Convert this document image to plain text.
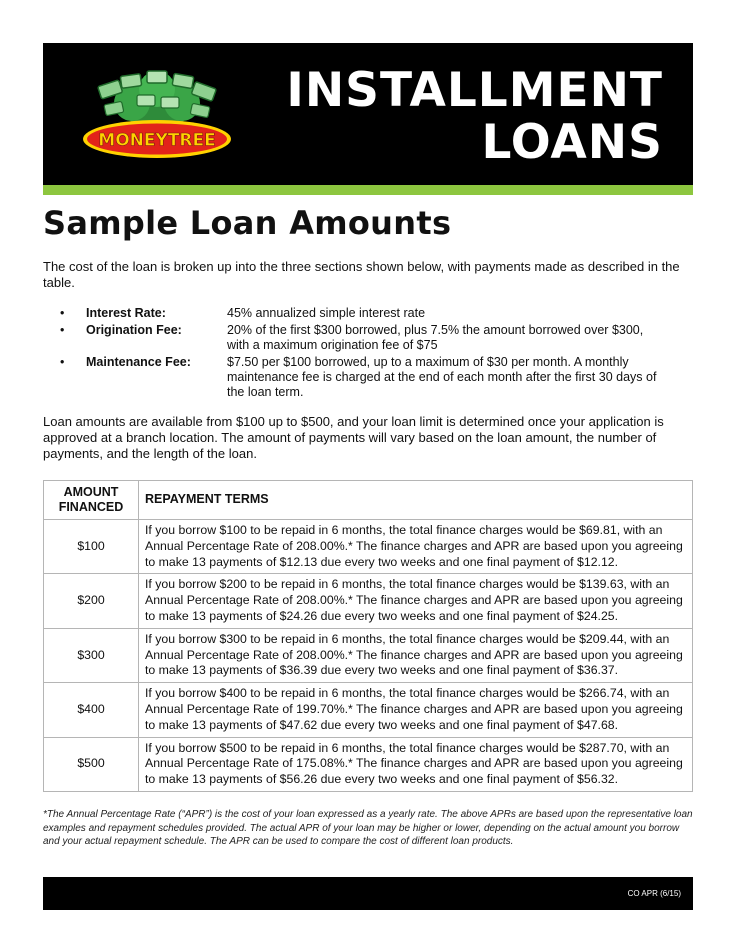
MONEYTREE
INSTALLMENT
LOANS
Sample Loan Amounts

The cost of the loan is broken up into the three sections shown below, with payments made as described in the table.

•	Interest Rate:	45% annualized simple interest rate
•	Origination Fee:	20% of the first $300 borrowed, plus 7.5% the amount borrowed over $300, with a maximum origination fee of $75
•	Maintenance Fee:	$7.50 per $100 borrowed, up to a maximum of $30 per month. A monthly maintenance fee is charged at the end of each month after the first 30 days of the loan term.

Loan amounts are available from $100 up to $500, and your loan limit is determined once your application is approved at a branch location. The amount of payments will vary based on the loan amount, the number of payments, and the length of the loan.

AMOUNT FINANCED	REPAYMENT TERMS
$100	If you borrow $100 to be repaid in 6 months, the total finance charges would be $69.81, with an Annual Percentage Rate of 208.00%.* The finance charges and APR are based upon you agreeing to make 13 payments of $12.13 due every two weeks and one final payment of $12.12.
$200	If you borrow $200 to be repaid in 6 months, the total finance charges would be $139.63, with an Annual Percentage Rate of 208.00%.* The finance charges and APR are based upon you agreeing to make 13 payments of $24.26 due every two weeks and one final payment of $24.25.
$300	If you borrow $300 to be repaid in 6 months, the total finance charges would be $209.44, with an Annual Percentage Rate of 208.00%.* The finance charges and APR are based upon you agreeing to make 13 payments of $36.39 due every two weeks and one final payment of $36.37.
$400	If you borrow $400 to be repaid in 6 months, the total finance charges would be $266.74, with an Annual Percentage Rate of 199.70%.* The finance charges and APR are based upon you agreeing to make 13 payments of $47.62 due every two weeks and one final payment of $47.68.
$500	If you borrow $500 to be repaid in 6 months, the total finance charges would be $287.70, with an Annual Percentage Rate of 175.08%.* The finance charges and APR are based upon you agreeing to make 13 payments of $56.26 due every two weeks and one final payment of $56.32.

*The Annual Percentage Rate (“APR”) is the cost of your loan expressed as a yearly rate. The above APRs are based upon the representative loan examples and repayment schedules provided. The actual APR of your loan may be higher or lower, depending on the actual amount you borrow and your actual repayment schedule. The APR can be used to compare the cost of different loan products.

CO APR (6/15)
